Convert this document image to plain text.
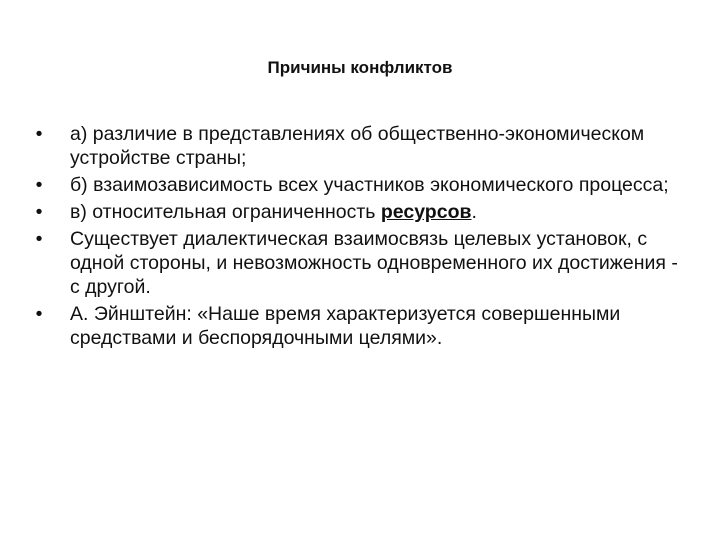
Причины конфликтов
• а) различие в представлениях об общественно-экономическом устройстве страны;
• б) взаимозависимость всех участников экономического процесса;
• в) относительная ограниченность ресурсов.
• Существует диалектическая взаимосвязь целевых установок, с одной стороны, и невозможность одновременного их достижения - с другой.
• А. Эйнштейн: «Наше время характеризуется совершенными средствами и беспорядочными целями».
